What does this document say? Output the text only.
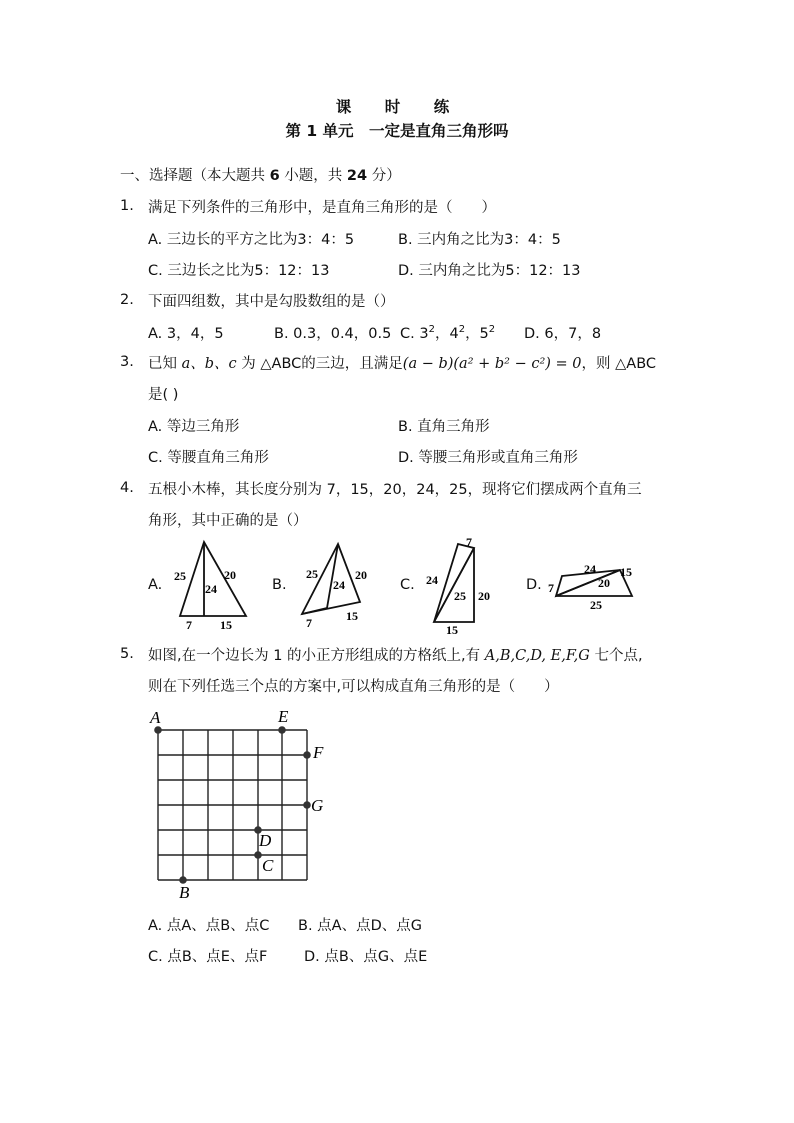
课　时　练
第 1 单元　一定是直角三角形吗
一、选择题（本大题共 6 小题，共 24 分）
1. 满足下列条件的三角形中，是直角三角形的是（　　）
A. 三边长的平方之比为3：4：5	B. 三内角之比为3：4：5
C. 三边长之比为5：12：13	D. 三内角之比为5：12：13
2. 下面四组数，其中是勾股数组的是（）
A. 3，4，5	B. 0.3，0.4，0.5 C. $3^2$，$4^2$，$5^2$ D. 6，7，8
3. 已知 a、b、c 为 △ABC的三边，且满足(a − b)(a² + b² − c²) = 0，则 △ABC
是( )
A. 等边三角形	B. 直角三角形
C. 等腰直角三角形	D. 等腰三角形或直角三角形
4. 五根小木棒，其长度分别为 7，15，20，24，25，现将它们摆成两个直角三
角形，其中正确的是（）
A.	B.	C.	D.
25
24
20
7 15
25
24
20
7	15
7
24
25 20
15
7
24 15
20
25
5. 如图,在一个边长为 1 的小正方形组成的方格纸上,有 A,B,C,D, E,F,G 七个点,
则在下列任选三个点的方案中,可以构成直角三角形的是（　　）
A
B
C
D
E
F
G
A. 点A、点B、点C B. 点A、点D、点G
C. 点B、点E、点F	D. 点B、点G、点E
